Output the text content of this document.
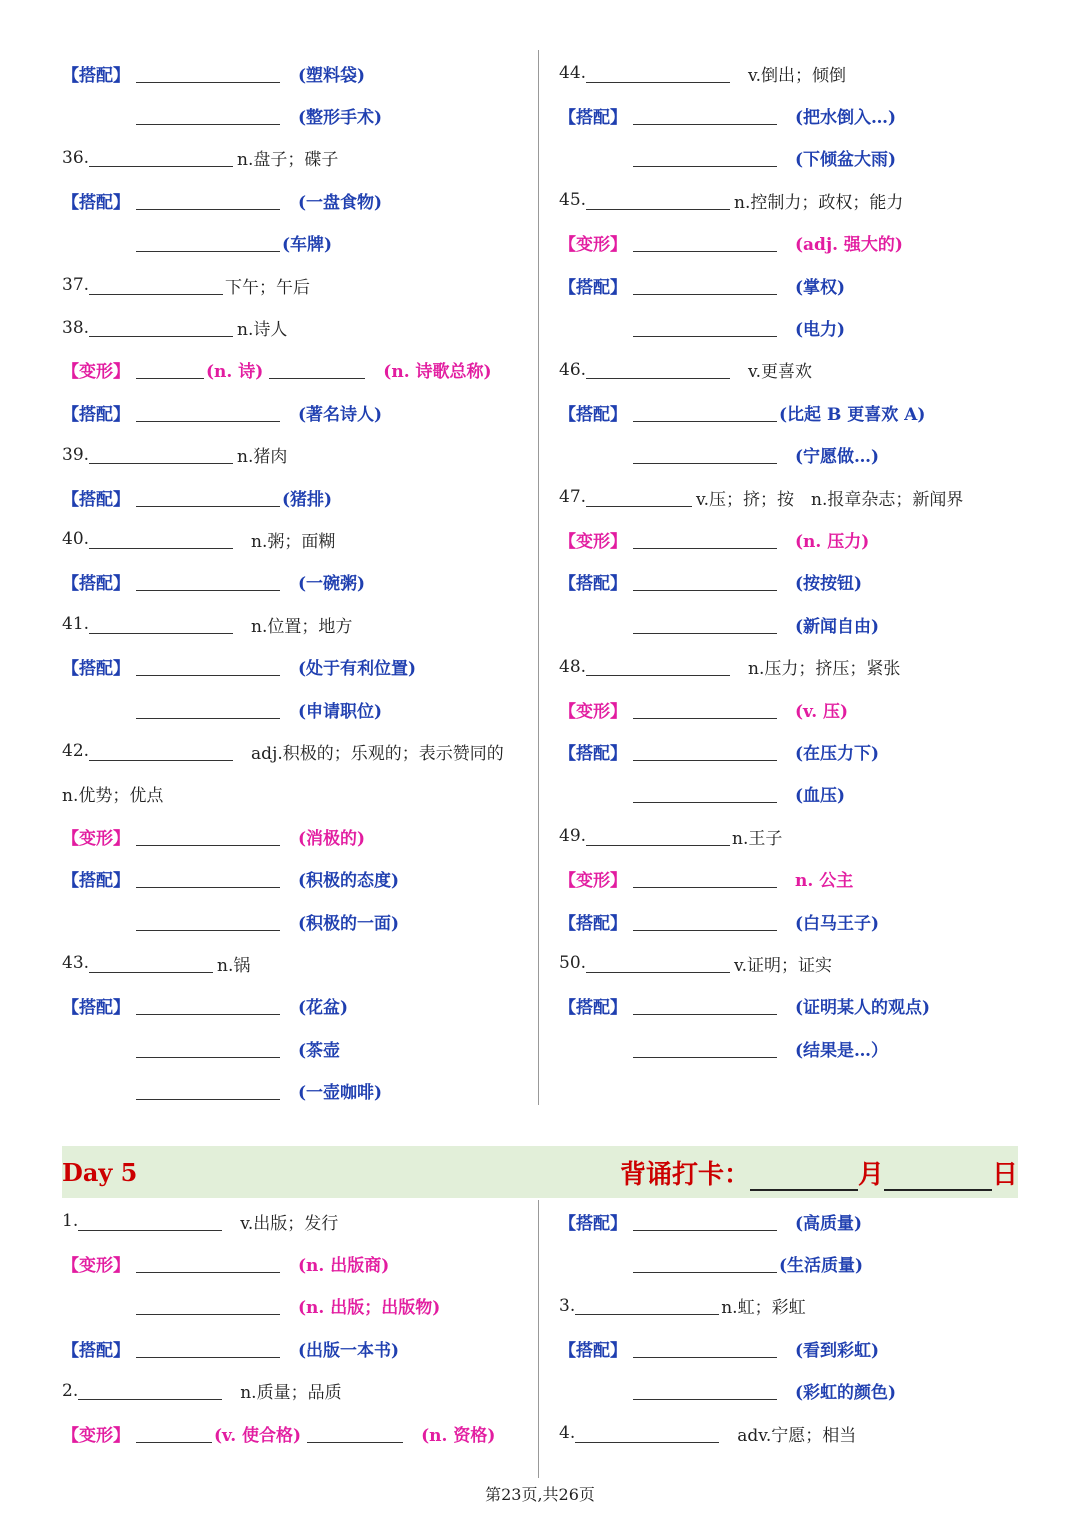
【搭配】	(塑料袋)
(整形手术)
36.	n.盘子；碟子
【搭配】	(一盘食物)
(车牌)
37.	下午；午后
38.	n.诗人
【变形】	(n. 诗)	(n. 诗歌总称)
【搭配】	(著名诗人)
39.	n.猪肉
【搭配】	(猪排)
40.	n.粥；面糊
【搭配】	(一碗粥)
41.	n.位置；地方
【搭配】	(处于有利位置)
(申请职位)
42.	adj.积极的；乐观的；表示赞同的
n.优势；优点
【变形】	(消极的)
【搭配】	(积极的态度)
(积极的一面)
43.	n.锅
【搭配】	(花盆)
(茶壶
(一壶咖啡)
44.	v.倒出；倾倒
【搭配】	(把水倒入…)
(下倾盆大雨)
45.	n.控制力；政权；能力
【变形】	(adj. 强大的)
【搭配】	(掌权)
(电力)
46.	v.更喜欢
【搭配】	(比起 B 更喜欢 A)
(宁愿做…)
47.	v.压；挤；按　n.报章杂志；新闻界
【变形】	(n. 压力)
【搭配】	(按按钮)
(新闻自由)
48.	n.压力；挤压；紧张
【变形】	(v. 压)
【搭配】	(在压力下)
(血压)
49.	n.王子
【变形】	n. 公主
【搭配】	(白马王子)
50.	v.证明；证实
【搭配】	(证明某人的观点)
(结果是…）
Day 5	背诵打卡：	月	日
1.	v.出版；发行
【变形】	(n. 出版商)
(n. 出版；出版物)
【搭配】	(出版一本书)
2.	n.质量；品质
【变形】	(v. 使合格)	(n. 资格)
【搭配】	(高质量)
(生活质量)
3.	n.虹；彩虹
【搭配】	(看到彩虹)
(彩虹的颜色)
4.	adv.宁愿；相当
第23页,共26页
